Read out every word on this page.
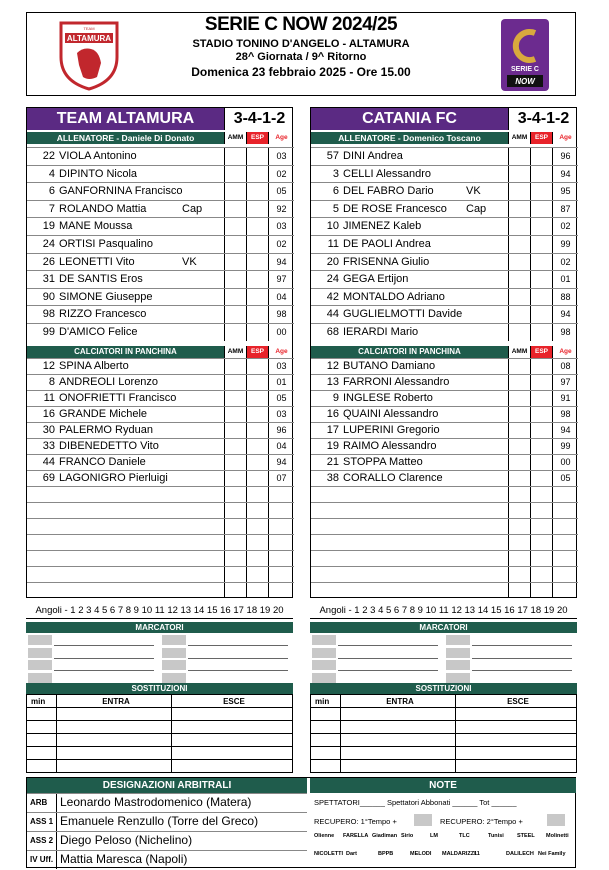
ALTAMURA
TEAM	SERIE C NOW 2024/25
STADIO TONINO D'ANGELO - ALTAMURA
28^ Giornata / 9^ Ritorno
Domenica 23 febbraio 2025 - Ore 15.00	SERIE C
NOW
TEAM ALTAMURA	3-4-1-2
ALLENATORE - Daniele Di Donato	AMM	ESP	Age
22 VIOLA Antonino	03
4 DIPINTO Nicola	02
6 GANFORNINA Francisco	05
7 ROLANDO Mattia	Cap	92
19 MANE Moussa	03
24 ORTISI Pasqualino	02
26 LEONETTI Vito	VK	94
31 DE SANTIS Eros	97
90 SIMONE Giuseppe	04
98 RIZZO Francesco	98
99 D'AMICO Felice	00
CALCIATORI IN PANCHINA	AMM	ESP	Age
12 SPINA Alberto	03
8 ANDREOLI Lorenzo	01
11 ONOFRIETTI Francisco	05
16 GRANDE Michele	03
30 PALERMO Ryduan	96
33 DIBENEDETTO Vito	04
44 FRANCO Daniele	94
69 LAGONIGRO Pierluigi	07
CATANIA FC	3-4-1-2
ALLENATORE - Domenico Toscano	AMM	ESP	Age
57 DINI Andrea	96
3 CELLI Alessandro	94
6 DEL FABRO Dario	VK	95
5 DE ROSE Francesco Cap	87
10 JIMENEZ Kaleb	02
11 DE PAOLI Andrea	99
20 FRISENNA Giulio	02
24 GEGA Ertijon	01
42 MONTALDO Adriano	88
44 GUGLIELMOTTI Davide	94
68 IERARDI Mario	98
CALCIATORI IN PANCHINA	AMM	ESP	Age
12 BUTANO Damiano	08
13 FARRONI Alessandro	97
9 INGLESE Roberto	91
16 QUAINI Alessandro	98
17 LUPERINI Gregorio	94
19 RAIMO Alessandro	99
21 STOPPA Matteo	00
38 CORALLO Clarence	05
Angoli - 1 2 3 4 5 6 7 8 9 10 11 12 13 14 15 16 17 18 19 20	Angoli - 1 2 3 4 5 6 7 8 9 10 11 12 13 14 15 16 17 18 19 20
MARCATORI	MARCATORI
SOSTITUZIONI	SOSTITUZIONI
min	ENTRA	ESCE

			min	ENTRA	ESCE

DESIGNAZIONI ARBITRALI	NOTE
ARB	Leonardo Mastrodomenico (Matera)
ASS 1 Emanuele Renzullo (Torre del Greco)
ASS 2 Diego Peloso (Nichelino)
IV Uff. Mattia Maresca (Napoli)
SPETTATORI______ Spettatori Abbonati ______ Tot ______
RECUPERO: 1°Tempo +	RECUPERO: 2°Tempo +
Olienne FARELLA Giadiman Sirio	LM	TLC	Tunisi STEEL Molinetti
NICOLETTI Dart	BPPB	MELODI MALDARIZZI
11	DALILECH Nei Family
